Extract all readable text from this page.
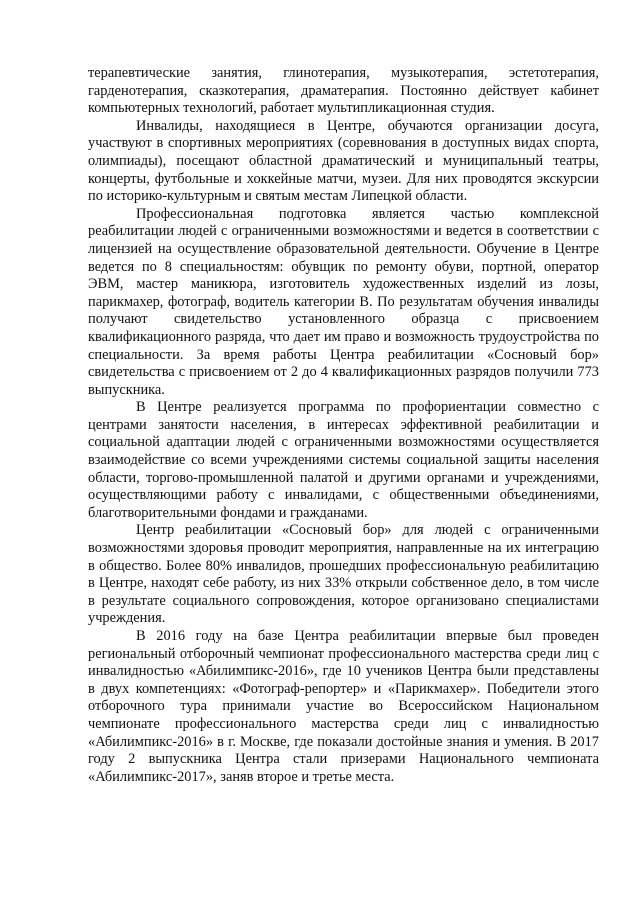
терапевтические занятия, глинотерапия, музыкотерапия, эстетотерапия, гарденотерапия, сказкотерапия, драматерапия. Постоянно действует кабинет компьютерных технологий, работает мультипликационная студия.

Инвалиды, находящиеся в Центре, обучаются организации досуга, участвуют в спортивных мероприятиях (соревнования в доступных видах спорта, олимпиады), посещают областной драматический и муниципальный театры, концерты, футбольные и хоккейные матчи, музеи. Для них проводятся экскурсии по историко-культурным и святым местам Липецкой области.

Профессиональная подготовка является частью комплексной реабилитации людей с ограниченными возможностями и ведется в соответствии с лицензией на осуществление образовательной деятельности. Обучение в Центре ведется по 8 специальностям: обувщик по ремонту обуви, портной, оператор ЭВМ, мастер маникюра, изготовитель художественных изделий из лозы, парикмахер, фотограф, водитель категории В. По результатам обучения инвалиды получают свидетельство установленного образца с присвоением квалификационного разряда, что дает им право и возможность трудоустройства по специальности. За время работы Центра реабилитации «Сосновый бор» свидетельства с присвоением от 2 до 4 квалификационных разрядов получили 773 выпускника.

В Центре реализуется программа по профориентации совместно с центрами занятости населения, в интересах эффективной реабилитации и социальной адаптации людей с ограниченными возможностями осуществляется взаимодействие со всеми учреждениями системы социальной защиты населения области, торгово-промышленной палатой и другими органами и учреждениями, осуществляющими работу с инвалидами, с общественными объединениями, благотворительными фондами и гражданами.

Центр реабилитации «Сосновый бор» для людей с ограниченными возможностями здоровья проводит мероприятия, направленные на их интеграцию в общество. Более 80% инвалидов, прошедших профессиональную реабилитацию в Центре, находят себе работу, из них 33% открыли собственное дело, в том числе в результате социального сопровождения, которое организовано специалистами учреждения.

В 2016 году на базе Центра реабилитации впервые был проведен региональный отборочный чемпионат профессионального мастерства среди лиц с инвалидностью «Абилимпикс-2016», где 10 учеников Центра были представлены в двух компетенциях: «Фотограф-репортер» и «Парикмахер». Победители этого отборочного тура принимали участие во Всероссийском Национальном чемпионате профессионального мастерства среди лиц с инвалидностью «Абилимпикс-2016» в г. Москве, где показали достойные знания и умения. В 2017 году 2 выпускника Центра стали призерами Национального чемпионата «Абилимпикс-2017», заняв второе и третье места.
